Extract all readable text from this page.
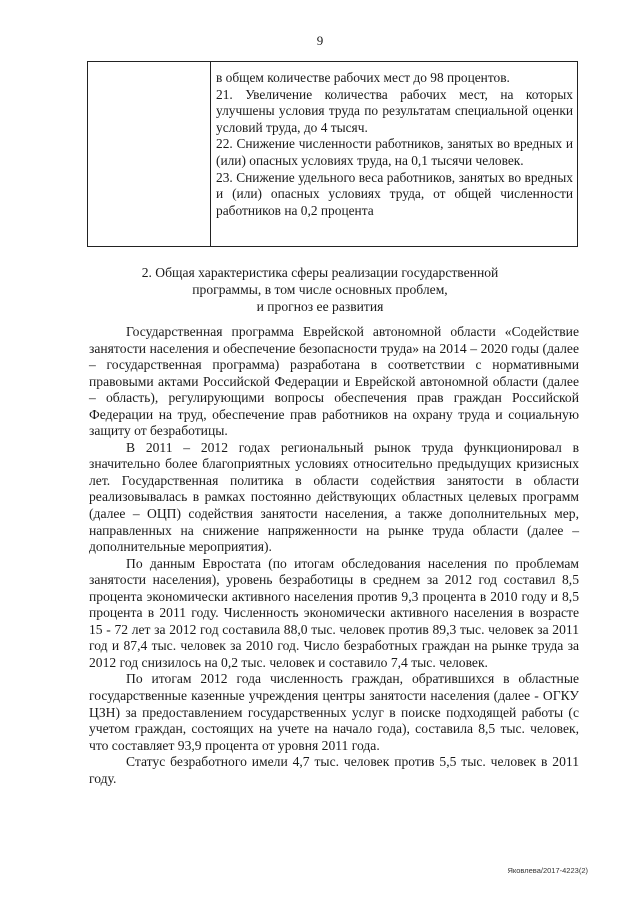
9

в общем количестве рабочих мест до 98 процентов.

21. Увеличение количества рабочих мест, на которых улучшены условия труда по результатам специальной оценки условий труда, до 4 тысяч.

22. Снижение численности работников, занятых во вредных и (или) опасных условиях труда, на 0,1 тысячи человек.

23. Снижение удельного веса работников, занятых во вредных и (или) опасных условиях труда, от общей численности работников на 0,2 процента

2. Общая характеристика сферы реализации государственной
программы, в том числе основных проблем,
и прогноз ее развития

Государственная программа Еврейской автономной области «Содействие занятости населения и обеспечение безопасности труда» на 2014 – 2020 годы (далее – государственная программа) разработана в соответствии с нормативными правовыми актами Российской Федерации и Еврейской автономной области (далее – область), регулирующими вопросы обеспечения прав граждан Российской Федерации на труд, обеспечение прав работников на охрану труда и социальную защиту от безработицы.

В 2011 – 2012 годах региональный рынок труда функционировал в значительно более благоприятных условиях относительно предыдущих кризисных лет. Государственная политика в области содействия занятости в области реализовывалась в рамках постоянно действующих областных целевых программ (далее – ОЦП) содействия занятости населения, а также дополнительных мер, направленных на снижение напряженности на рынке труда области (далее – дополнительные мероприятия).

По данным Евростата (по итогам обследования населения по проблемам занятости населения), уровень безработицы в среднем за 2012 год составил 8,5 процента экономически активного населения против 9,3 процента в 2010 году и 8,5 процента в 2011 году. Численность экономически активного населения в возрасте 15 - 72 лет за 2012 год составила 88,0 тыс. человек против 89,3 тыс. человек за 2011 год и 87,4 тыс. человек за 2010 год. Число безработных граждан на рынке труда за 2012 год снизилось на 0,2 тыс. человек и составило 7,4 тыс. человек.

По итогам 2012 года численность граждан, обратившихся в областные государственные казенные учреждения центры занятости населения (далее - ОГКУ ЦЗН) за предоставлением государственных услуг в поиске подходящей работы (с учетом граждан, состоящих на учете на начало года), составила 8,5 тыс. человек, что составляет 93,9 процента от уровня 2011 года.

Статус безработного имели 4,7 тыс. человек против 5,5 тыс. человек в 2011 году.

Яковлева/2017-4223(2)
